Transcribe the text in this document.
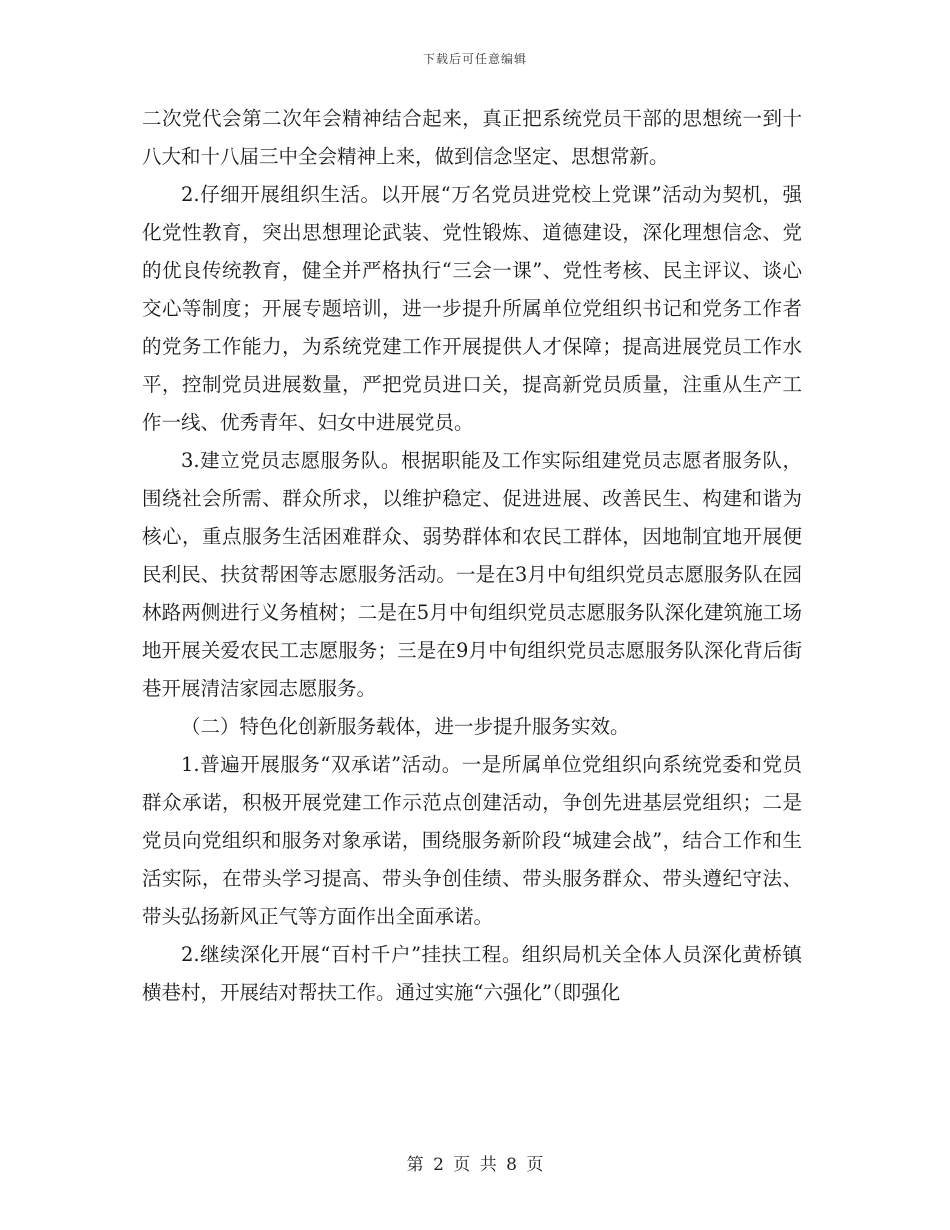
下载后可任意编辑

二次党代会第二次年会精神结合起来，真正把系统党员干部的思想统一到十八大和十八届三中全会精神上来，做到信念坚定、思想常新。

2.仔细开展组织生活。以开展“万名党员进党校上党课”活动为契机，强化党性教育，突出思想理论武装、党性锻炼、道德建设，深化理想信念、党的优良传统教育，健全并严格执行“三会一课”、党性考核、民主评议、谈心交心等制度；开展专题培训，进一步提升所属单位党组织书记和党务工作者的党务工作能力，为系统党建工作开展提供人才保障；提高进展党员工作水平，控制党员进展数量，严把党员进口关，提高新党员质量，注重从生产工作一线、优秀青年、妇女中进展党员。

3.建立党员志愿服务队。根据职能及工作实际组建党员志愿者服务队，围绕社会所需、群众所求，以维护稳定、促进进展、改善民生、构建和谐为核心，重点服务生活困难群众、弱势群体和农民工群体，因地制宜地开展便民利民、扶贫帮困等志愿服务活动。一是在3月中旬组织党员志愿服务队在园林路两侧进行义务植树；二是在5月中旬组织党员志愿服务队深化建筑施工场地开展关爱农民工志愿服务；三是在9月中旬组织党员志愿服务队深化背后街巷开展清洁家园志愿服务。

（二）特色化创新服务载体，进一步提升服务实效。

1.普遍开展服务“双承诺”活动。一是所属单位党组织向系统党委和党员群众承诺，积极开展党建工作示范点创建活动，争创先进基层党组织；二是党员向党组织和服务对象承诺，围绕服务新阶段“城建会战”，结合工作和生活实际，在带头学习提高、带头争创佳绩、带头服务群众、带头遵纪守法、带头弘扬新风正气等方面作出全面承诺。

2.继续深化开展“百村千户”挂扶工程。组织局机关全体人员深化黄桥镇横巷村，开展结对帮扶工作。通过实施“六强化”（即强化

第 2 页 共 8 页
